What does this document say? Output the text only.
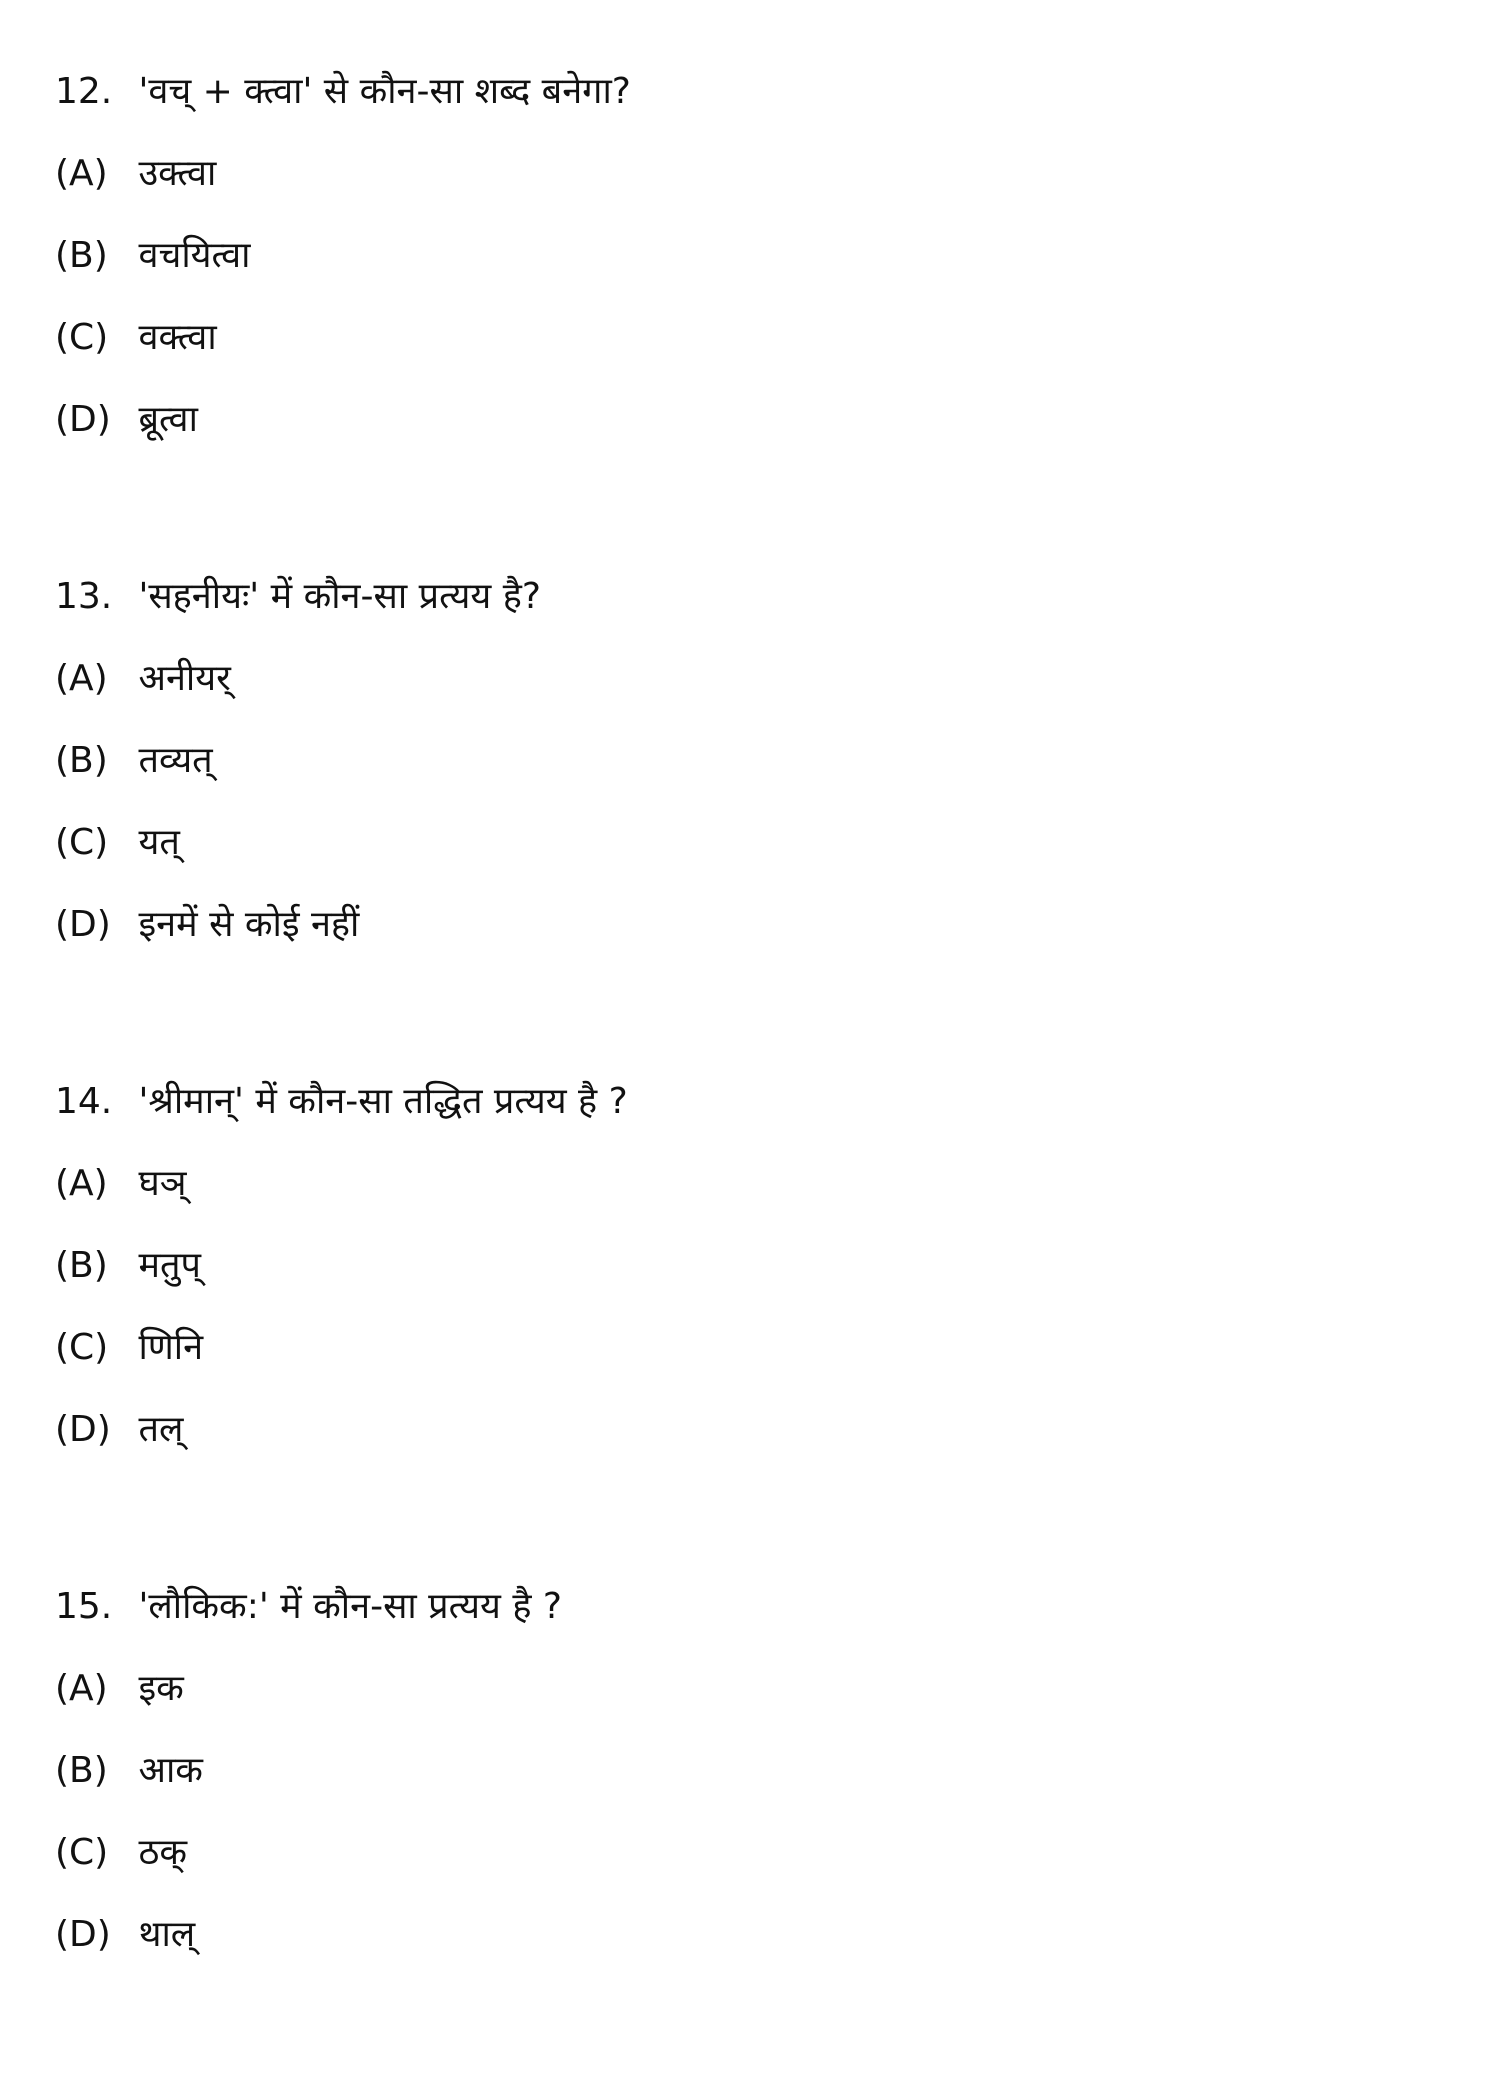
12. 'वच् + क्त्वा' से कौन-सा शब्द बनेगा?
(A) उक्त्वा
(B) वचयित्वा
(C) वक्त्वा
(D) ब्रूत्वा
13. 'सहनीयः' में कौन-सा प्रत्यय है?
(A) अनीयर्
(B) तव्यत्
(C) यत्
(D) इनमें से कोई नहीं
14. 'श्रीमान्' में कौन-सा तद्धित प्रत्यय है ?
(A) घञ्
(B) मतुप्
(C) णिनि
(D) तल्
15. 'लौकिक:' में कौन-सा प्रत्यय है ?
(A) इक
(B) आक
(C) ठक्
(D) थाल्
